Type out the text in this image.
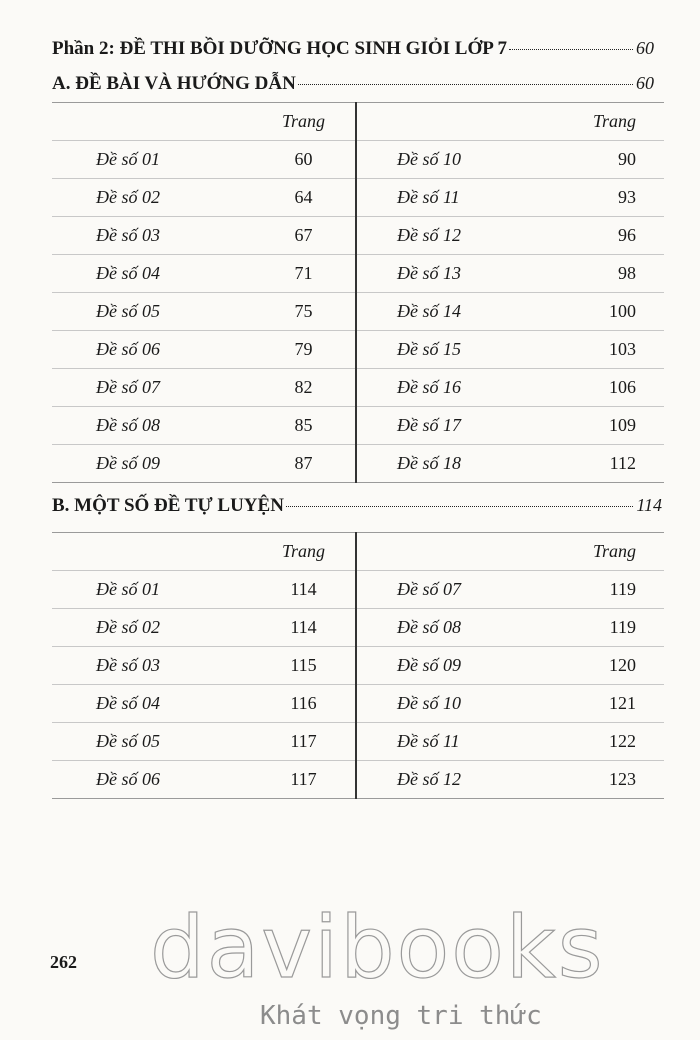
Phần 2: ĐỀ THI BỒI DƯỠNG HỌC SINH GIỎI LỚP 7	60
A. ĐỀ BÀI VÀ HƯỚNG DẪN	60
	Trang		Trang
Đề số 01	60	Đề số 10	90
Đề số 02	64	Đề số 11	93
Đề số 03	67	Đề số 12	96
Đề số 04	71	Đề số 13	98
Đề số 05	75	Đề số 14	100
Đề số 06	79	Đề số 15	103
Đề số 07	82	Đề số 16	106
Đề số 08	85	Đề số 17	109
Đề số 09	87	Đề số 18	112
B. MỘT SỐ ĐỀ TỰ LUYỆN	114
	Trang		Trang
Đề số 01	114	Đề số 07	119
Đề số 02	114	Đề số 08	119
Đề số 03	115	Đề số 09	120
Đề số 04	116	Đề số 10	121
Đề số 05	117	Đề số 11	122
Đề số 06	117	Đề số 12	123
262 davibooks
Khát vọng tri thức
